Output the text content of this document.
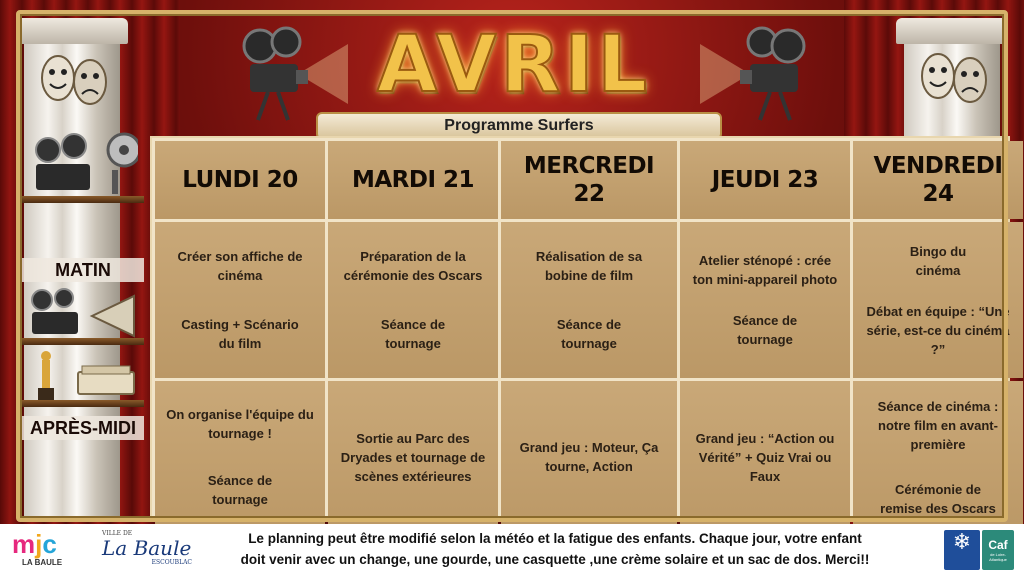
MATIN
APRÈS-MIDI
AVRIL
Programme Surfers
LUNDI 20 MARDI 21
MERCREDI 22
JEUDI 23
VENDREDI 24

Créer son affiche de cinéma

Casting + Scénario du film

Préparation de la cérémonie des Oscars

Séance de tournage

Réalisation de sa bobine de film

Séance de tournage

Atelier sténopé : crée ton mini-appareil photo

Séance de tournage

Bingo du cinéma

Débat en équipe : “Une série, est-ce du cinéma ?”

On organise l'équipe du tournage !

Séance de tournage

Sortie au Parc des Dryades et tournage de scènes extérieures

Grand jeu : Moteur, Ça tourne, Action

Grand jeu : “Action ou Vérité” + Quiz Vrai ou Faux

Séance de cinéma : notre film en avant-première

Cérémonie de remise des Oscars

mjc
LA BAULE
VILLE DE
La Baule
ESCOUBLAC
Le planning peut être modifié selon la météo et la fatigue des enfants. Chaque jour, votre enfant
doit venir avec un change, une gourde, une casquette ,une crème solaire et un sac de dos. Merci!!
❄	Caf
de Loire-Atlantique
